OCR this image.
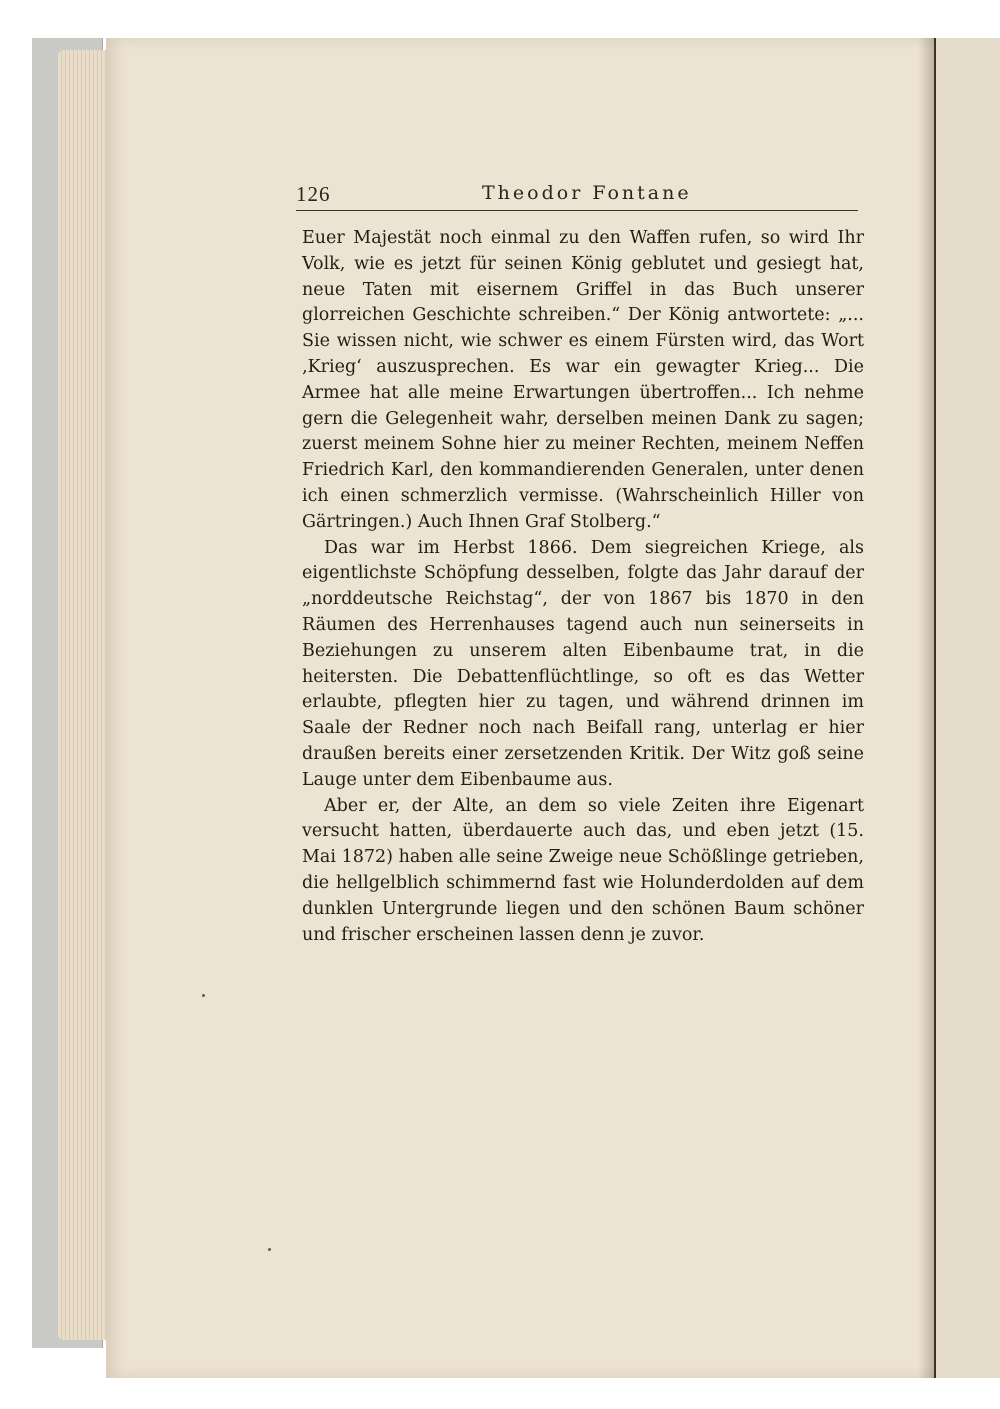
126	Theodor Fontane

Euer Majestät noch einmal zu den Waffen rufen, so wird Ihr Volk, wie es jetzt für seinen König geblutet und gesiegt hat, neue Taten mit eisernem Griffel in das Buch unserer glorreichen Geschichte schreiben.“ Der König antwortete: „... Sie wissen nicht, wie schwer es einem Fürsten wird, das Wort ‚Krieg‘ auszusprechen. Es war ein gewagter Krieg... Die Armee hat alle meine Erwartungen übertroffen... Ich nehme gern die Gelegenheit wahr, derselben meinen Dank zu sagen; zuerst meinem Sohne hier zu meiner Rechten, meinem Neffen Friedrich Karl, den kommandierenden Generalen, unter denen ich einen schmerzlich vermisse. (Wahrscheinlich Hiller von Gärtringen.) Auch Ihnen Graf Stolberg.“

Das war im Herbst 1866. Dem siegreichen Kriege, als eigentlichste Schöpfung desselben, folgte das Jahr darauf der „norddeutsche Reichstag“, der von 1867 bis 1870 in den Räumen des Herrenhauses tagend auch nun seinerseits in Beziehungen zu unserem alten Eibenbaume trat, in die heitersten. Die Debattenflüchtlinge, so oft es das Wetter erlaubte, pflegten hier zu tagen, und während drinnen im Saale der Redner noch nach Beifall rang, unterlag er hier draußen bereits einer zersetzenden Kritik. Der Witz goß seine Lauge unter dem Eibenbaume aus.

Aber er, der Alte, an dem so viele Zeiten ihre Eigenart versucht hatten, überdauerte auch das, und eben jetzt (15. Mai 1872) haben alle seine Zweige neue Schößlinge getrieben, die hellgelblich schimmernd fast wie Holunderdolden auf dem dunklen Untergrunde liegen und den schönen Baum schöner und frischer erscheinen lassen denn je zuvor.
